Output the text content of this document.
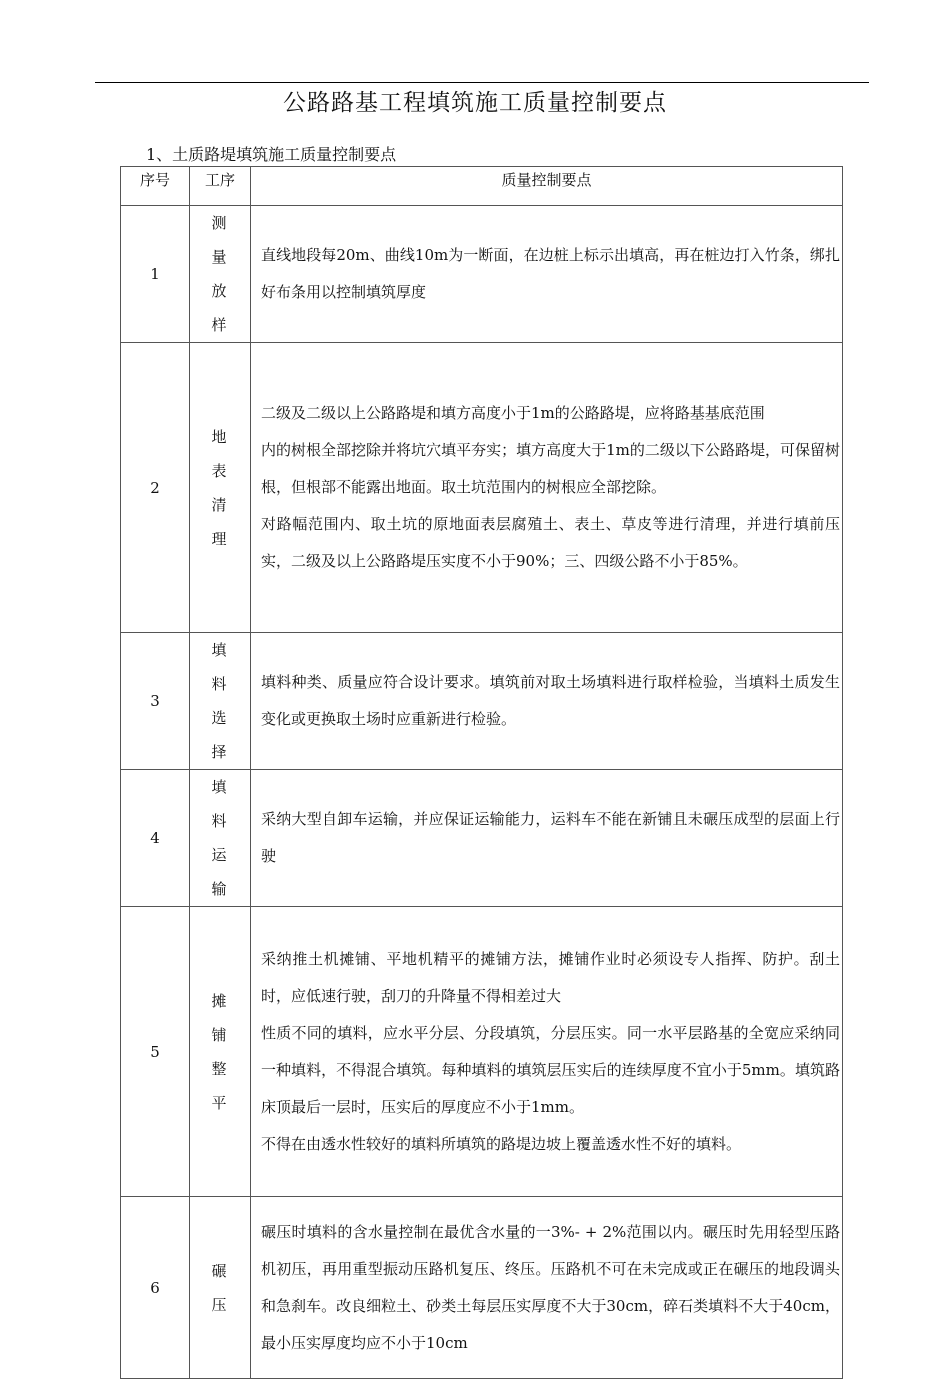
公路路基工程填筑施工质量控制要点
1、土质路堤填筑施工质量控制要点
序号	工序	质量控制要点
1	测量放样	直线地段每20m、曲线10m为一断面，在边桩上标示出填高，再在桩边打入竹条，绑扎好布条用以控制填筑厚度

2	地表清理	二级及二级以上公路路堤和填方高度小于1m的公路路堤，应将路基基底范围

内的树根全部挖除并将坑穴填平夯实；填方高度大于1m的二级以下公路路堤，可保留树根，但根部不能露出地面。取土坑范围内的树根应全部挖除。

对路幅范围内、取土坑的原地面表层腐殖土、表土、草皮等进行清理，并进行填前压实，二级及以上公路路堤压实度不小于90%；三、四级公路不小于85%。

3	填料选择	填料种类、质量应符合设计要求。填筑前对取土场填料进行取样检验，当填料土质发生变化或更换取土场时应重新进行检验。

4	填料运输	采纳大型自卸车运输，并应保证运输能力，运料车不能在新铺且未碾压成型的层面上行驶

5	摊铺整平	采纳推土机摊铺、平地机精平的摊铺方法，摊铺作业时必须设专人指挥、防护。刮土时，应低速行驶，刮刀的升降量不得相差过大

性质不同的填料，应水平分层、分段填筑，分层压实。同一水平层路基的全宽应采纳同一种填料，不得混合填筑。每种填料的填筑层压实后的连续厚度不宜小于5mm。填筑路床顶最后一层时，压实后的厚度应不小于1mm。

不得在由透水性较好的填料所填筑的路堤边坡上覆盖透水性不好的填料。

6	碾压	碾压时填料的含水量控制在最优含水量的一3%- + 2%范围以内。碾压时先用轻型压路机初压，再用重型振动压路机复压、终压。压路机不可在未完成或正在碾压的地段调头和急刹车。改良细粒土、砂类土每层压实厚度不大于30cm，碎石类填料不大于40cm，最小压实厚度均应不小于10cm
